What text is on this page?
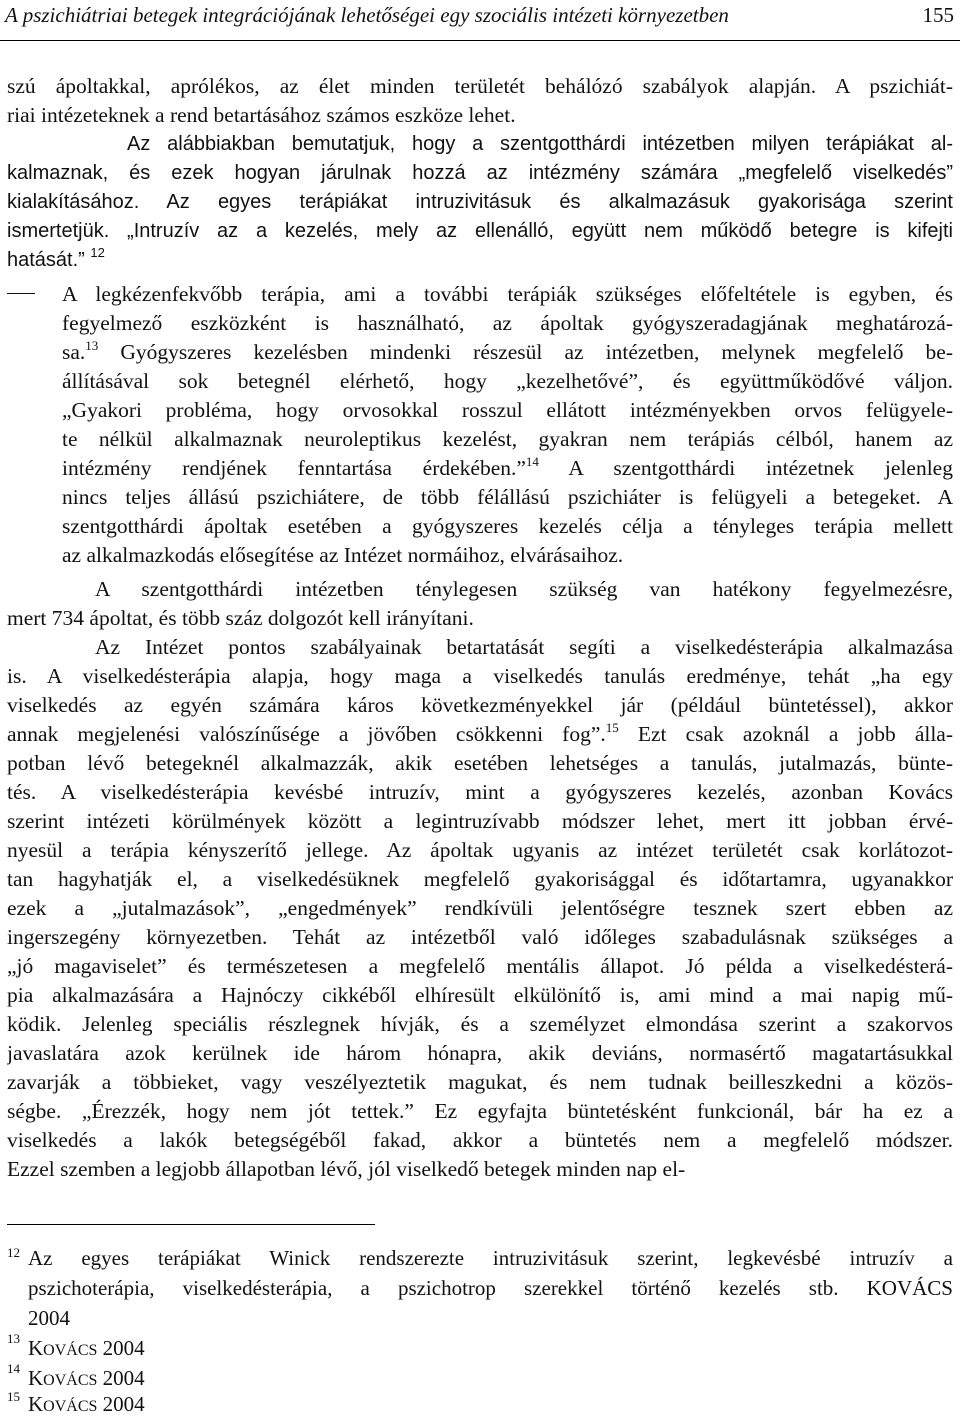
A pszichiátriai betegek integrációjának lehetőségei egy szociális intézeti környezetben	155
szú ápoltakkal, aprólékos, az élet minden területét behálózó szabályok alapján. A pszichiát-
riai intézeteknek a rend betartásához számos eszköze lehet.
Az alábbiakban bemutatjuk, hogy a szentgotthárdi intézetben milyen terápiákat al-
kalmaznak, és ezek hogyan járulnak hozzá az intézmény számára „megfelelő viselkedés”
kialakításához. Az egyes terápiákat intruzivitásuk és alkalmazásuk gyakorisága szerint
ismertetjük. „Intruzív az a kezelés, mely az ellenálló, együtt nem működő betegre is kifejti
hatását.” $^{12}$
A legkézenfekvőbb terápia, ami a további terápiák szükséges előfeltétele is egyben, és
fegyelmező eszközként is használható, az ápoltak gyógyszeradagjának meghatározá-
sa.$^{13}$ Gyógyszeres kezelésben mindenki részesül az intézetben, melynek megfelelő be-
állításával sok betegnél elérhető, hogy „kezelhetővé”, és együttműködővé váljon.
„Gyakori probléma, hogy orvosokkal rosszul ellátott intézményekben orvos felügyele-
te nélkül alkalmaznak neuroleptikus kezelést, gyakran nem terápiás célból, hanem az
intézmény rendjének fenntartása érdekében.”$^{14}$ A szentgotthárdi intézetnek jelenleg
nincs teljes állású pszichiátere, de több félállású pszichiáter is felügyeli a betegeket. A
szentgotthárdi ápoltak esetében a gyógyszeres kezelés célja a tényleges terápia mellett
az alkalmazkodás elősegítése az Intézet normáihoz, elvárásaihoz.
A szentgotthárdi intézetben ténylegesen szükség van hatékony fegyelmezésre,
mert 734 ápoltat, és több száz dolgozót kell irányítani.
Az Intézet pontos szabályainak betartatását segíti a viselkedésterápia alkalmazása
is. A viselkedésterápia alapja, hogy maga a viselkedés tanulás eredménye, tehát „ha egy
viselkedés az egyén számára káros következményekkel jár (például büntetéssel), akkor
annak megjelenési valószínűsége a jövőben csökkenni fog”.$^{15}$ Ezt csak azoknál a jobb álla-
potban lévő betegeknél alkalmazzák, akik esetében lehetséges a tanulás, jutalmazás, bünte-
tés. A viselkedésterápia kevésbé intruzív, mint a gyógyszeres kezelés, azonban Kovács
szerint intézeti körülmények között a legintruzívabb módszer lehet, mert itt jobban érvé-
nyesül a terápia kényszerítő jellege. Az ápoltak ugyanis az intézet területét csak korlátozot-
tan hagyhatják el, a viselkedésüknek megfelelő gyakorisággal és időtartamra, ugyanakkor
ezek a „jutalmazások”, „engedmények” rendkívüli jelentőségre tesznek szert ebben az
ingerszegény környezetben. Tehát az intézetből való időleges szabadulásnak szükséges a
„jó magaviselet” és természetesen a megfelelő mentális állapot. Jó példa a viselkedésterá-
pia alkalmazására a Hajnóczy cikkéből elhíresült elkülönítő is, ami mind a mai napig mű-
ködik. Jelenleg speciális részlegnek hívják, és a személyzet elmondása szerint a szakorvos
javaslatára azok kerülnek ide három hónapra, akik deviáns, normasértő magatartásukkal
zavarják a többieket, vagy veszélyeztetik magukat, és nem tudnak beilleszkedni a közös-
ségbe. „Érezzék, hogy nem jót tettek.” Ez egyfajta büntetésként funkcionál, bár ha ez a
viselkedés a lakók betegségéből fakad, akkor a büntetés nem a megfelelő módszer.
Ezzel szemben a legjobb állapotban lévő, jól viselkedő betegek minden nap el-
12 Az egyes terápiákat Winick rendszerezte intruzivitásuk szerint, legkevésbé intruzív a
pszichoterápia, viselkedésterápia, a pszichotrop szerekkel történő kezelés stb. KOVÁCS
2004
13 KOVÁCS 2004
14 KOVÁCS 2004
15 KOVÁCS 2004
